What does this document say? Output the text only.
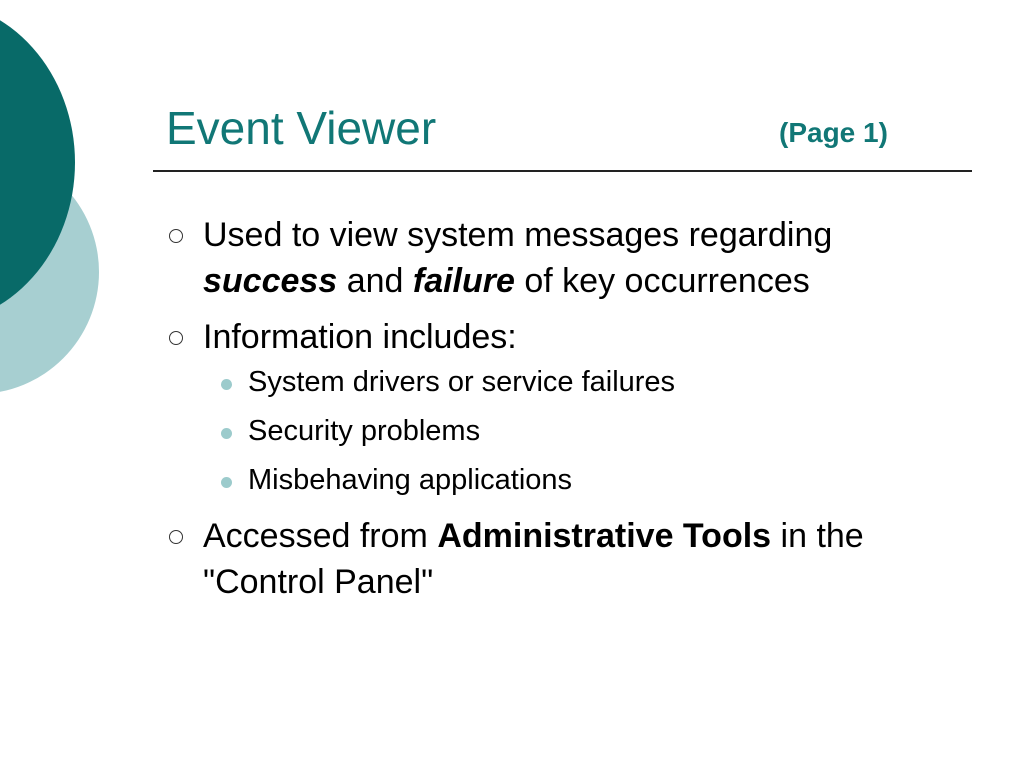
Event Viewer	(Page 1)
Used to view system messages regarding
success and failure of key occurrences
Information includes:
System drivers or service failures
Security problems
Misbehaving applications
Accessed from Administrative Tools in the "Control Panel"
